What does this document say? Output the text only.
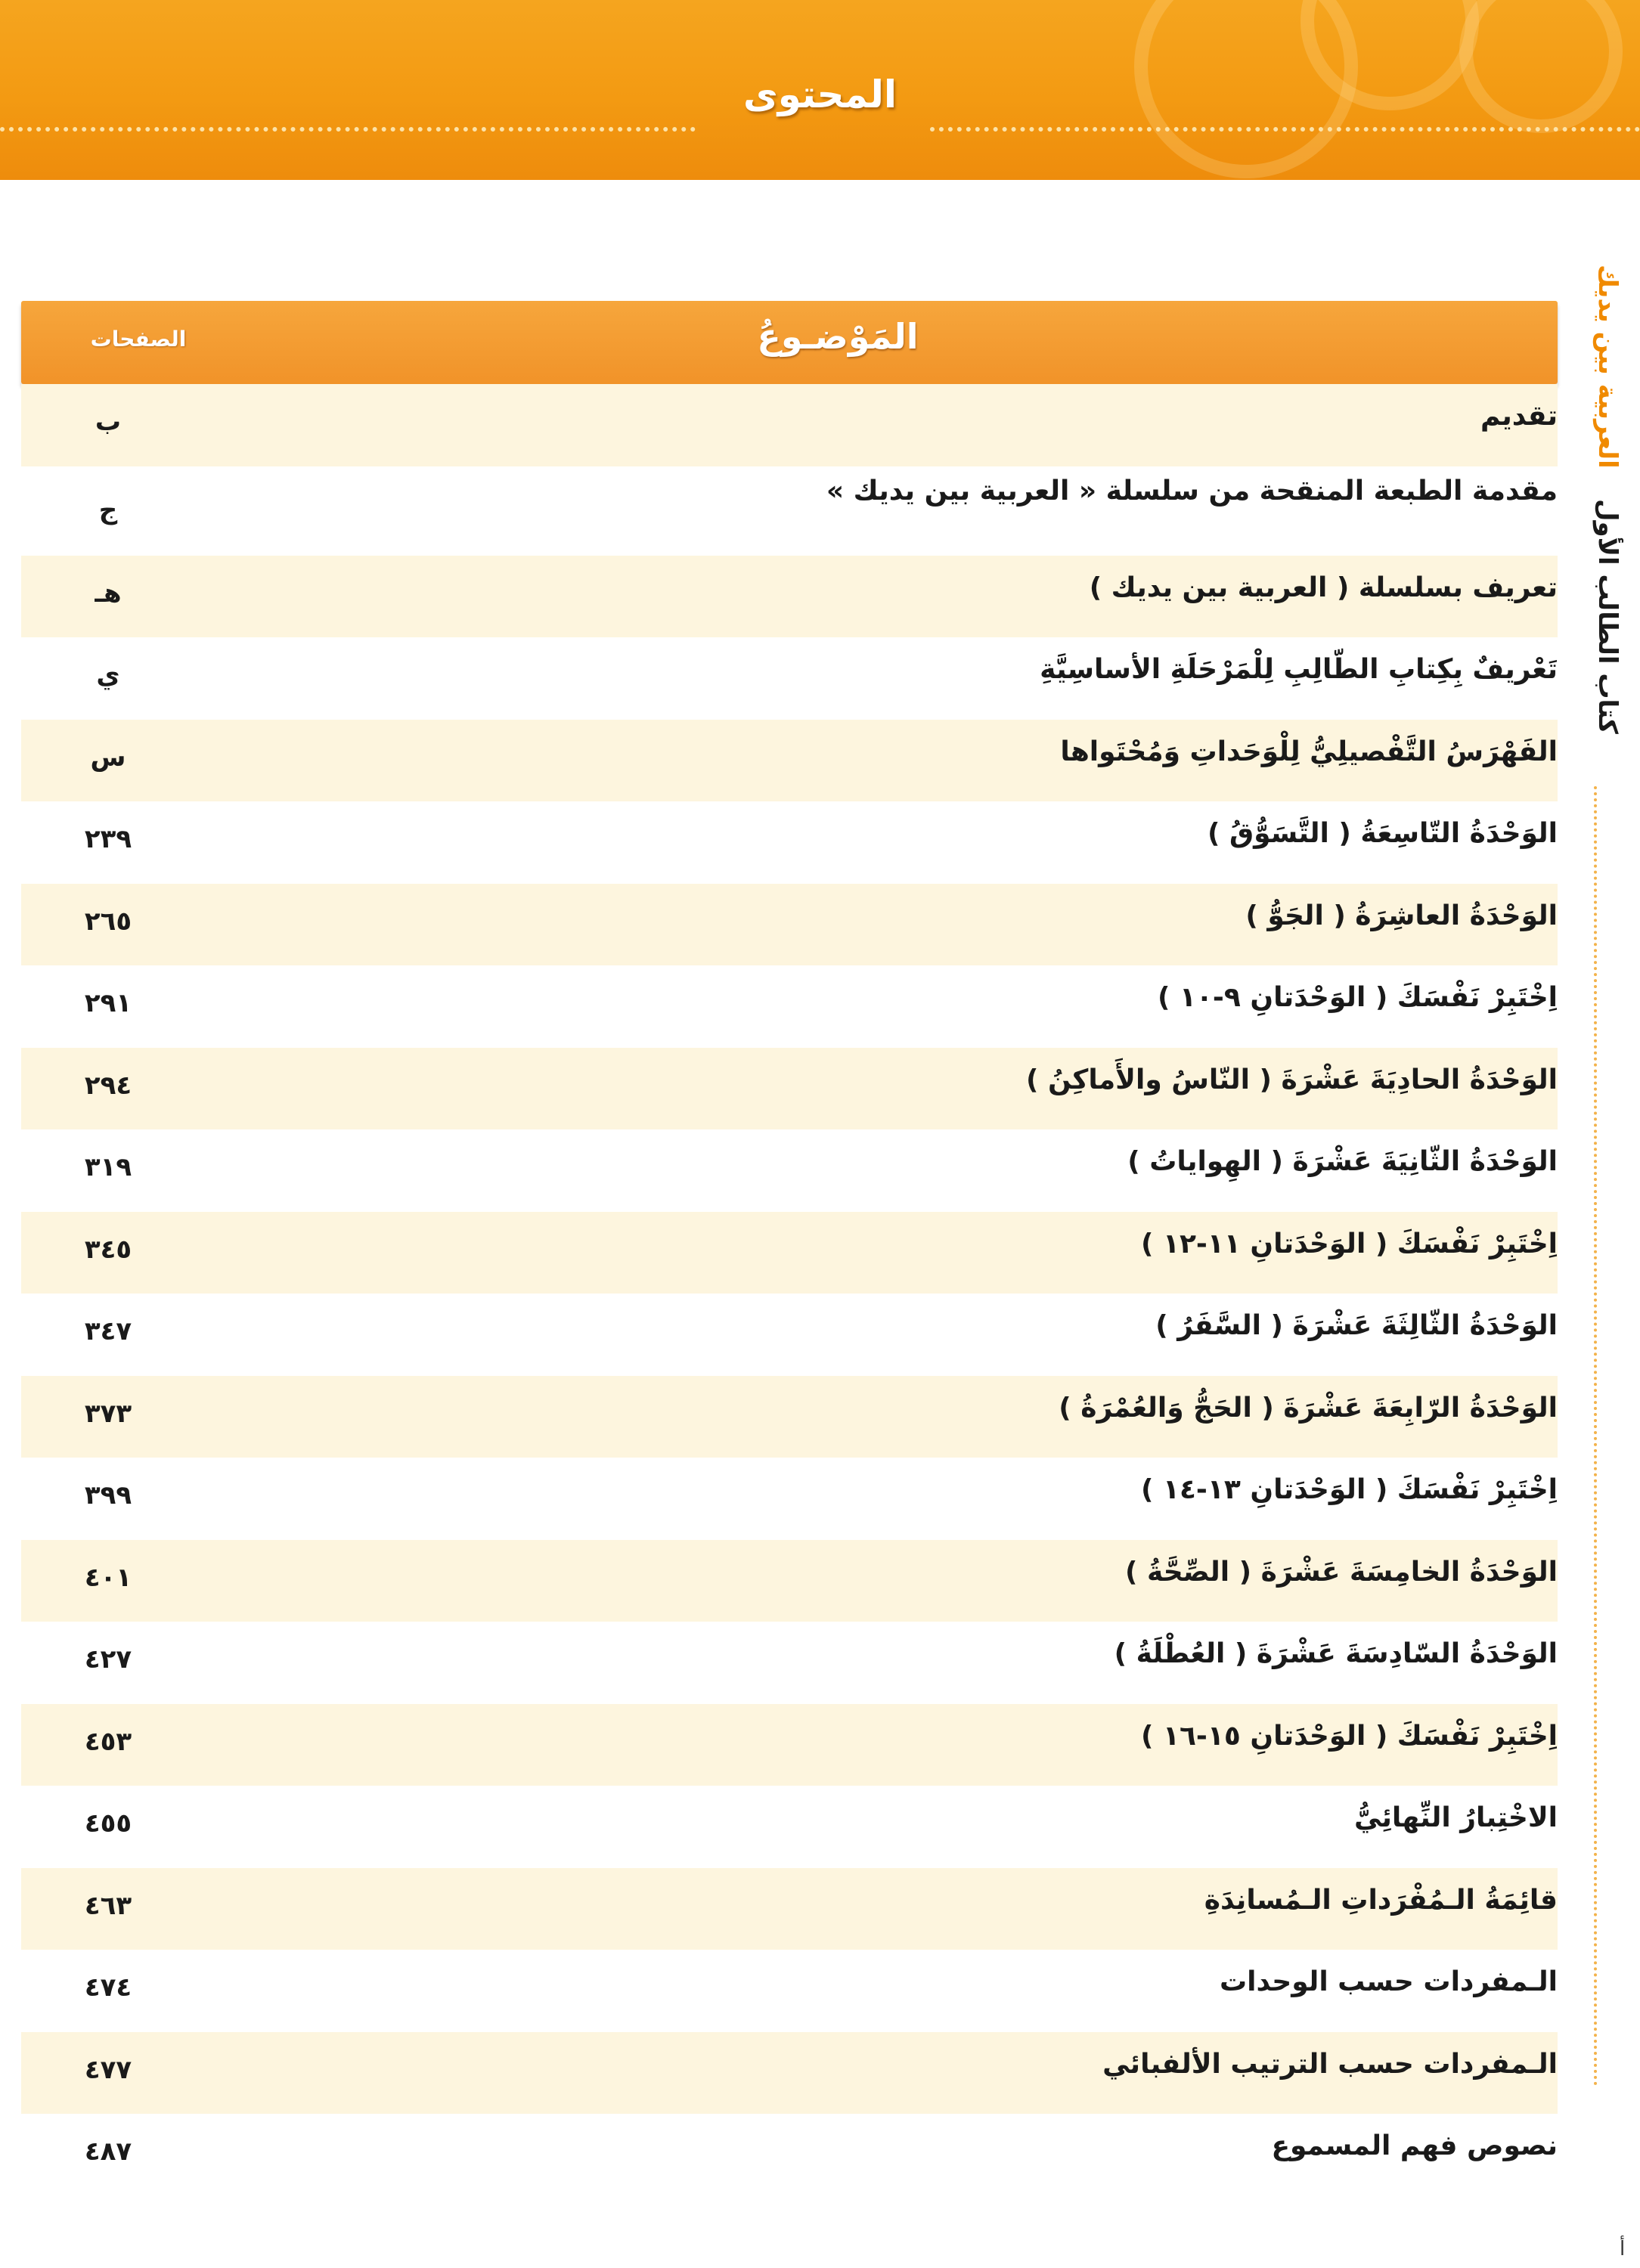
المحتوى
العربية بين يديك
كتاب الطالب الأول
أ
المَوْضـوعُ
الصفحات
تقديم
ب
مقدمة الطبعة المنقحة من سلسلة « العربية بين يديك »
ج
تعريف بسلسلة ( العربية بين يديك )
هـ
تَعْريفٌ بِكِتابِ الطّالِبِ لِلْمَرْحَلَةِ الأساسِيَّةِ
ي
الفَهْرَسُ التَّفْصيلِيُّ لِلْوَحَداتِ وَمُحْتَواها
س
الوَحْدَةُ التّاسِعَةُ ( التَّسَوُّقُ )
٢٣٩
الوَحْدَةُ العاشِرَةُ ( الجَوُّ )
٢٦٥
اِخْتَبِرْ نَفْسَكَ ( الوَحْدَتانِ ٩-١٠ )
٢٩١
الوَحْدَةُ الحادِيَةَ عَشْرَةَ ( النّاسُ والأَماكِنُ )
٢٩٤
الوَحْدَةُ الثّانِيَةَ عَشْرَةَ ( الهِواياتُ )
٣١٩
اِخْتَبِرْ نَفْسَكَ ( الوَحْدَتانِ ١١-١٢ )
٣٤٥
الوَحْدَةُ الثّالِثَةَ عَشْرَةَ ( السَّفَرُ )
٣٤٧
الوَحْدَةُ الرّابِعَةَ عَشْرَةَ ( الحَجُّ وَالعُمْرَةُ )
٣٧٣
اِخْتَبِرْ نَفْسَكَ ( الوَحْدَتانِ ١٣-١٤ )
٣٩٩
الوَحْدَةُ الخامِسَةَ عَشْرَةَ ( الصِّحَّةُ )
٤٠١
الوَحْدَةُ السّادِسَةَ عَشْرَةَ ( العُطْلَةُ )
٤٢٧
اِخْتَبِرْ نَفْسَكَ ( الوَحْدَتانِ ١٥-١٦ )
٤٥٣
الاخْتِبارُ النِّهائِيُّ
٤٥٥
قائِمَةُ الـمُفْرَداتِ الـمُسانِدَةِ
٤٦٣
الـمفردات حسب الوحدات
٤٧٤
الـمفردات حسب الترتيب الألفبائي
٤٧٧
نصوص فهم المسموع
٤٨٧
